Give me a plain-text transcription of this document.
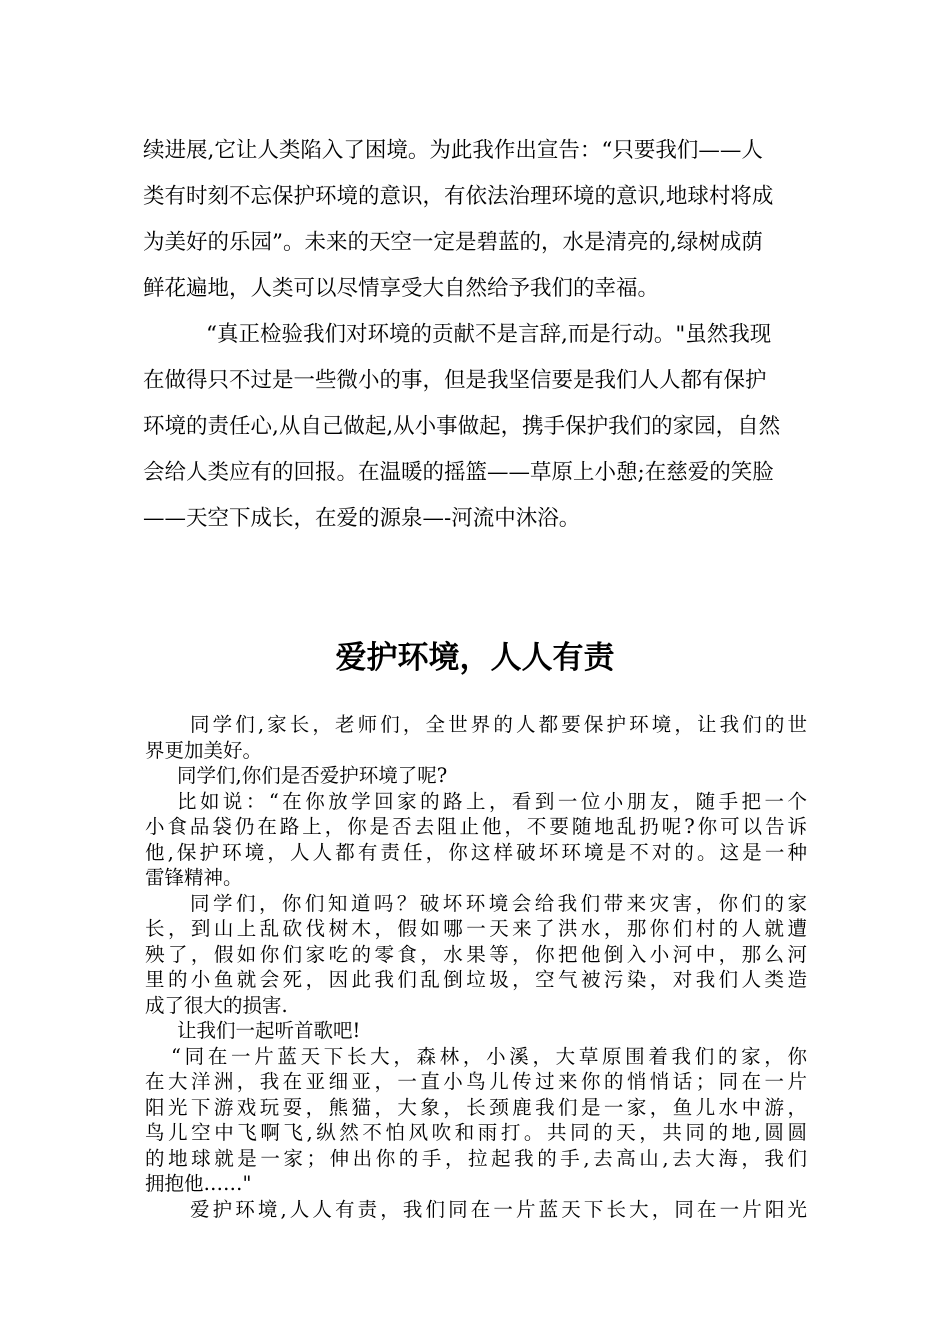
续进展,它让人类陷入了困境。为此我作出宣告：“只要我们——人
类有时刻不忘保护环境的意识，有依法治理环境的意识,地球村将成
为美好的乐园”。未来的天空一定是碧蓝的，水是清亮的,绿树成荫
鲜花遍地，人类可以尽情享受大自然给予我们的幸福。
“真正检验我们对环境的贡献不是言辞,而是行动。"虽然我现
在做得只不过是一些微小的事，但是我坚信要是我们人人都有保护
环境的责任心,从自己做起,从小事做起，携手保护我们的家园，自然
会给人类应有的回报。在温暖的摇篮——草原上小憩;在慈爱的笑脸
——天空下成长，在爱的源泉—-河流中沐浴。
爱护环境，人人有责
同学们,家长，老师们，全世界的人都要保护环境，让我们的世
界更加美好。
同学们,你们是否爱护环境了呢?
比如说：“在你放学回家的路上，看到一位小朋友，随手把一个
小食品袋仍在路上，你是否去阻止他，不要随地乱扔呢?你可以告诉
他,保护环境，人人都有责任，你这样破坏环境是不对的。这是一种
雷锋精神。
同学们，你们知道吗？破坏环境会给我们带来灾害，你们的家
长，到山上乱砍伐树木，假如哪一天来了洪水，那你们村的人就遭
殃了，假如你们家吃的零食，水果等，你把他倒入小河中，那么河
里的小鱼就会死，因此我们乱倒垃圾，空气被污染，对我们人类造
成了很大的损害.
让我们一起听首歌吧!
“同在一片蓝天下长大，森林，小溪，大草原围着我们的家，你
在大洋洲，我在亚细亚，一直小鸟儿传过来你的悄悄话；同在一片
阳光下游戏玩耍，熊猫，大象，长颈鹿我们是一家，鱼儿水中游，
鸟儿空中飞啊飞,纵然不怕风吹和雨打。共同的天，共同的地,圆圆
的地球就是一家；伸出你的手，拉起我的手,去高山,去大海，我们
拥抱他……"
爱护环境,人人有责，我们同在一片蓝天下长大，同在一片阳光
